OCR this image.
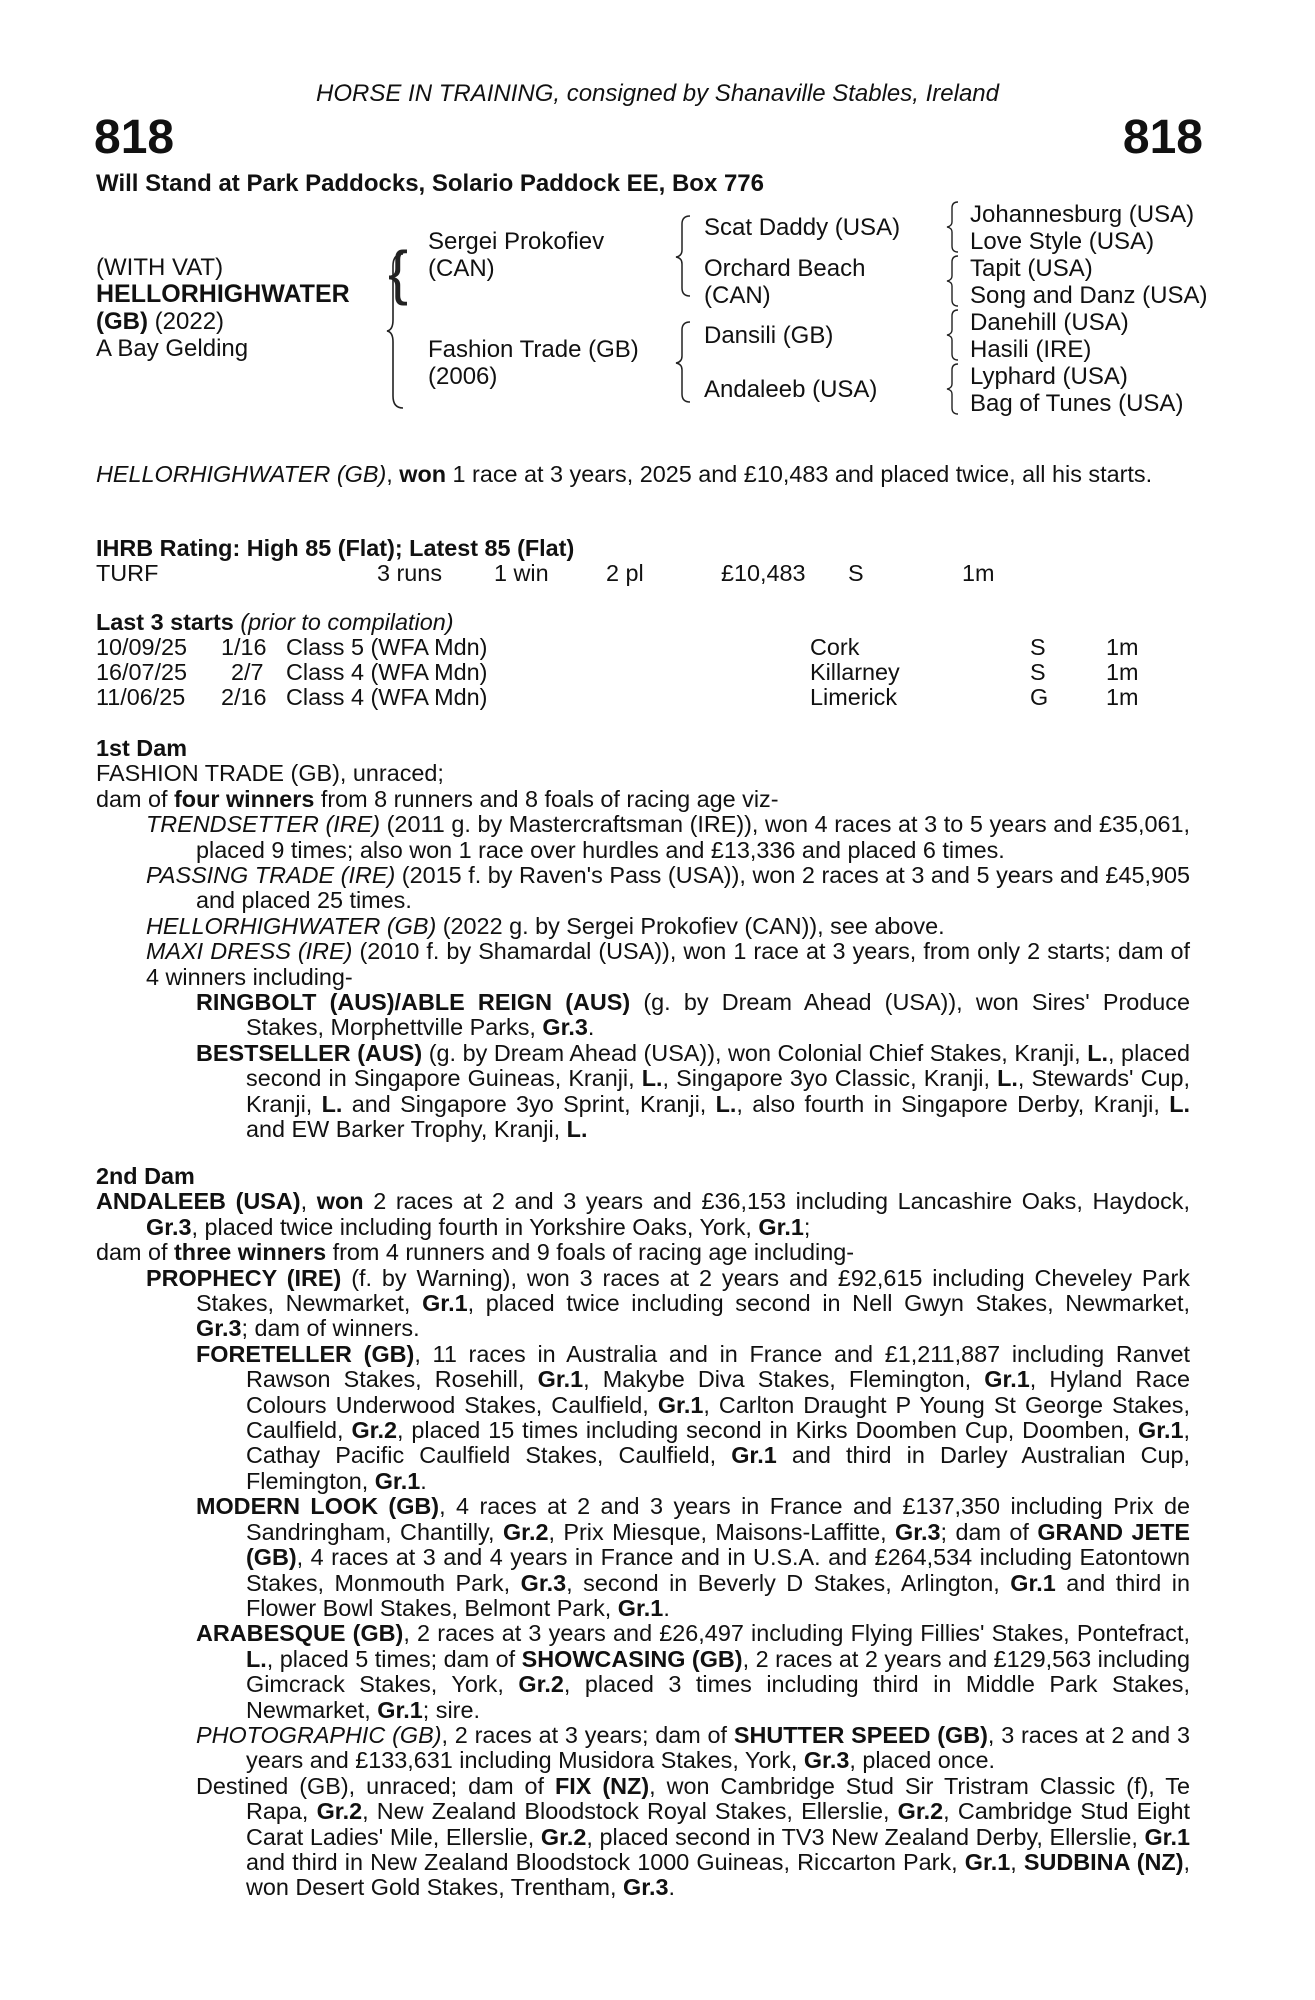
HORSE IN TRAINING, consigned by Shanaville Stables, Ireland
818	818
Will Stand at Park Paddocks, Solario Paddock EE, Box 776
(WITH VAT)
HELLORHIGHWATER
(GB) (2022)
A Bay Gelding
{ Sergei Prokofiev
(CAN)
Fashion Trade (GB)
(2006)
Scat Daddy (USA)
Orchard Beach
(CAN)
Dansili (GB)
Andaleeb (USA)
Johannesburg (USA)
Love Style (USA)
Tapit (USA)
Song and Danz (USA)
Danehill (USA)
Hasili (IRE)
Lyphard (USA)
Bag of Tunes (USA)

HELLORHIGHWATER (GB), won 1 race at 3 years, 2025 and £10,483 and placed twice, all his starts.

IHRB Rating: High 85 (Flat); Latest 85 (Flat)
TURF	3 runs 1 win 2 pl	£10,483 S	1m
Last 3 starts (prior to compilation)
10/09/25 1/16 Class 5 (WFA Mdn)	Cork	S	1m
16/07/25 2/7 Class 4 (WFA Mdn)	Killarney	S	1m
11/06/25 2/16 Class 4 (WFA Mdn)	Limerick	G 1m
1st Dam

FASHION TRADE (GB), unraced;

dam of four winners from 8 runners and 8 foals of racing age viz-

TRENDSETTER (IRE) (2011 g. by Mastercraftsman (IRE)), won 4 races at 3 to 5 years and £35,061, placed 9 times; also won 1 race over hurdles and £13,336 and placed 6 times.

PASSING TRADE (IRE) (2015 f. by Raven's Pass (USA)), won 2 races at 3 and 5 years and £45,905 and placed 25 times.

HELLORHIGHWATER (GB) (2022 g. by Sergei Prokofiev (CAN)), see above.

MAXI DRESS (IRE) (2010 f. by Shamardal (USA)), won 1 race at 3 years, from only 2 starts; dam of 4 winners including-

RINGBOLT (AUS)/ABLE REIGN (AUS) (g. by Dream Ahead (USA)), won Sires' Produce Stakes, Morphettville Parks, Gr.3.

BESTSELLER (AUS) (g. by Dream Ahead (USA)), won Colonial Chief Stakes, Kranji, L., placed second in Singapore Guineas, Kranji, L., Singapore 3yo Classic, Kranji, L., Stewards' Cup, Kranji, L. and Singapore 3yo Sprint, Kranji, L., also fourth in Singapore Derby, Kranji, L. and EW Barker Trophy, Kranji, L.

2nd Dam

ANDALEEB (USA), won 2 races at 2 and 3 years and £36,153 including Lancashire Oaks, Haydock, Gr.3, placed twice including fourth in Yorkshire Oaks, York, Gr.1;

dam of three winners from 4 runners and 9 foals of racing age including-

PROPHECY (IRE) (f. by Warning), won 3 races at 2 years and £92,615 including Cheveley Park Stakes, Newmarket, Gr.1, placed twice including second in Nell Gwyn Stakes, Newmarket, Gr.3; dam of winners.

FORETELLER (GB), 11 races in Australia and in France and £1,211,887 including Ranvet Rawson Stakes, Rosehill, Gr.1, Makybe Diva Stakes, Flemington, Gr.1, Hyland Race Colours Underwood Stakes, Caulfield, Gr.1, Carlton Draught P Young St George Stakes, Caulfield, Gr.2, placed 15 times including second in Kirks Doomben Cup, Doomben, Gr.1, Cathay Pacific Caulfield Stakes, Caulfield, Gr.1 and third in Darley Australian Cup, Flemington, Gr.1.

MODERN LOOK (GB), 4 races at 2 and 3 years in France and £137,350 including Prix de Sandringham, Chantilly, Gr.2, Prix Miesque, Maisons-Laffitte, Gr.3; dam of GRAND JETE (GB), 4 races at 3 and 4 years in France and in U.S.A. and £264,534 including Eatontown Stakes, Monmouth Park, Gr.3, second in Beverly D Stakes, Arlington, Gr.1 and third in Flower Bowl Stakes, Belmont Park, Gr.1.

ARABESQUE (GB), 2 races at 3 years and £26,497 including Flying Fillies' Stakes, Pontefract, L., placed 5 times; dam of SHOWCASING (GB), 2 races at 2 years and £129,563 including Gimcrack Stakes, York, Gr.2, placed 3 times including third in Middle Park Stakes, Newmarket, Gr.1; sire.

PHOTOGRAPHIC (GB), 2 races at 3 years; dam of SHUTTER SPEED (GB), 3 races at 2 and 3 years and £133,631 including Musidora Stakes, York, Gr.3, placed once.

Destined (GB), unraced; dam of FIX (NZ), won Cambridge Stud Sir Tristram Classic (f), Te Rapa, Gr.2, New Zealand Bloodstock Royal Stakes, Ellerslie, Gr.2, Cambridge Stud Eight Carat Ladies' Mile, Ellerslie, Gr.2, placed second in TV3 New Zealand Derby, Ellerslie, Gr.1 and third in New Zealand Bloodstock 1000 Guineas, Riccarton Park, Gr.1, SUDBINA (NZ), won Desert Gold Stakes, Trentham, Gr.3.
